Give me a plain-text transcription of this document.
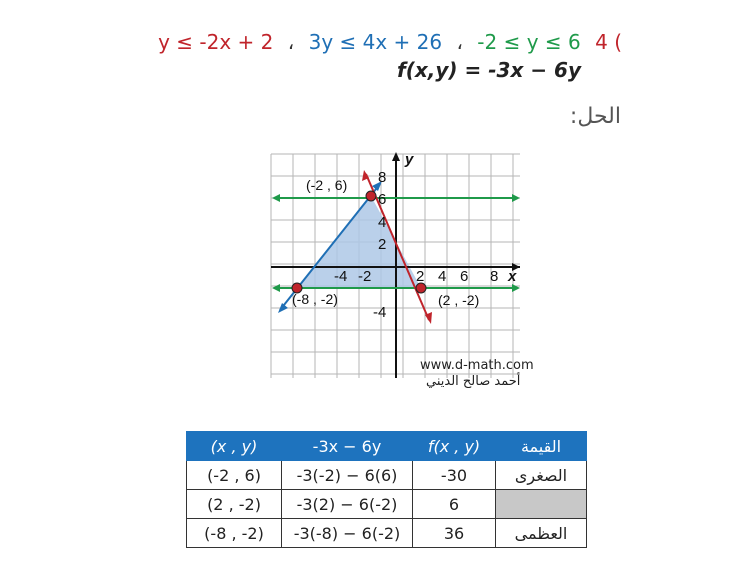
y ≤ -2x + 2 ، 3y ≤ 4x + 26 ، -2 ≤ y ≤ 6 4 (
f(x,y) = -3x − 6y
الحل:
y
x
8
6
4
2
-4
-4 -2	2 4 6 8
(-2 , 6)
(-8 , -2)	(2 , -2)
www.d-math.com
أحمد صالح الديني
(x , y)	-3x − 6y	f(x , y)	القيمة
(-2 , 6)	-3(-2) − 6(6)	-30	الصغرى
(2 , -2)	-3(2) − 6(-2)	6	
(-8 , -2)	-3(-8) − 6(-2)	36	العظمى
